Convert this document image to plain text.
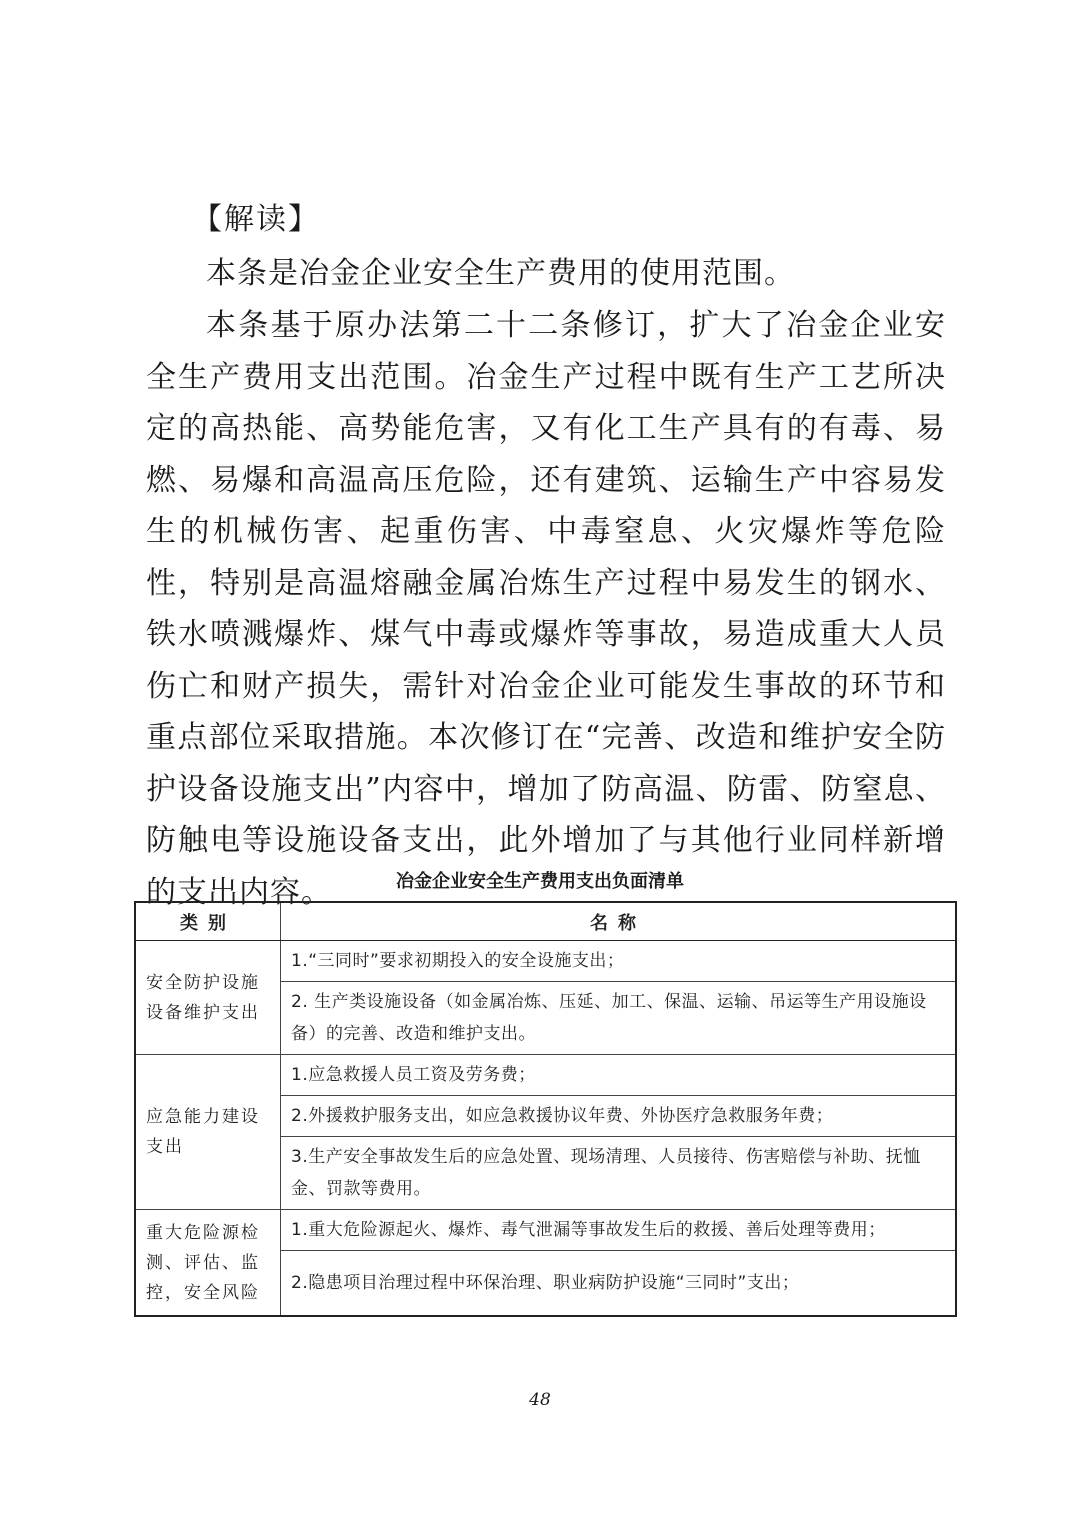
【解读】

本条是冶金企业安全生产费用的使用范围。

本条基于原办法第二十二条修订，扩大了冶金企业安全生产费用支出范围。冶金生产过程中既有生产工艺所决定的高热能、高势能危害，又有化工生产具有的有毒、易燃、易爆和高温高压危险，还有建筑、运输生产中容易发生的机械伤害、起重伤害、中毒窒息、火灾爆炸等危险性，特别是高温熔融金属冶炼生产过程中易发生的钢水、铁水喷溅爆炸、煤气中毒或爆炸等事故，易造成重大人员伤亡和财产损失，需针对冶金企业可能发生事故的环节和重点部位采取措施。本次修订在“完善、改造和维护安全防护设备设施支出”内容中，增加了防高温、防雷、防窒息、防触电等设施设备支出，此外增加了与其他行业同样新增的支出内容。	冶金企业安全生产费用支出负面清单
类别	名称
安全防护设施设备维护支出	1.“三同时”要求初期投入的安全设施支出；
	2. 生产类设施设备（如金属冶炼、压延、加工、保温、运输、吊运等生产用设施设备）的完善、改造和维护支出。
应急能力建设支出	1.应急救援人员工资及劳务费；
	2.外援救护服务支出，如应急救援协议年费、外协医疗急救服务年费；
	3.生产安全事故发生后的应急处置、现场清理、人员接待、伤害赔偿与补助、抚恤金、罚款等费用。
重大危险源检测、评估、监控，安全风险	1.重大危险源起火、爆炸、毒气泄漏等事故发生后的救援、善后处理等费用；
	2.隐患项目治理过程中环保治理、职业病防护设施“三同时”支出；
48
